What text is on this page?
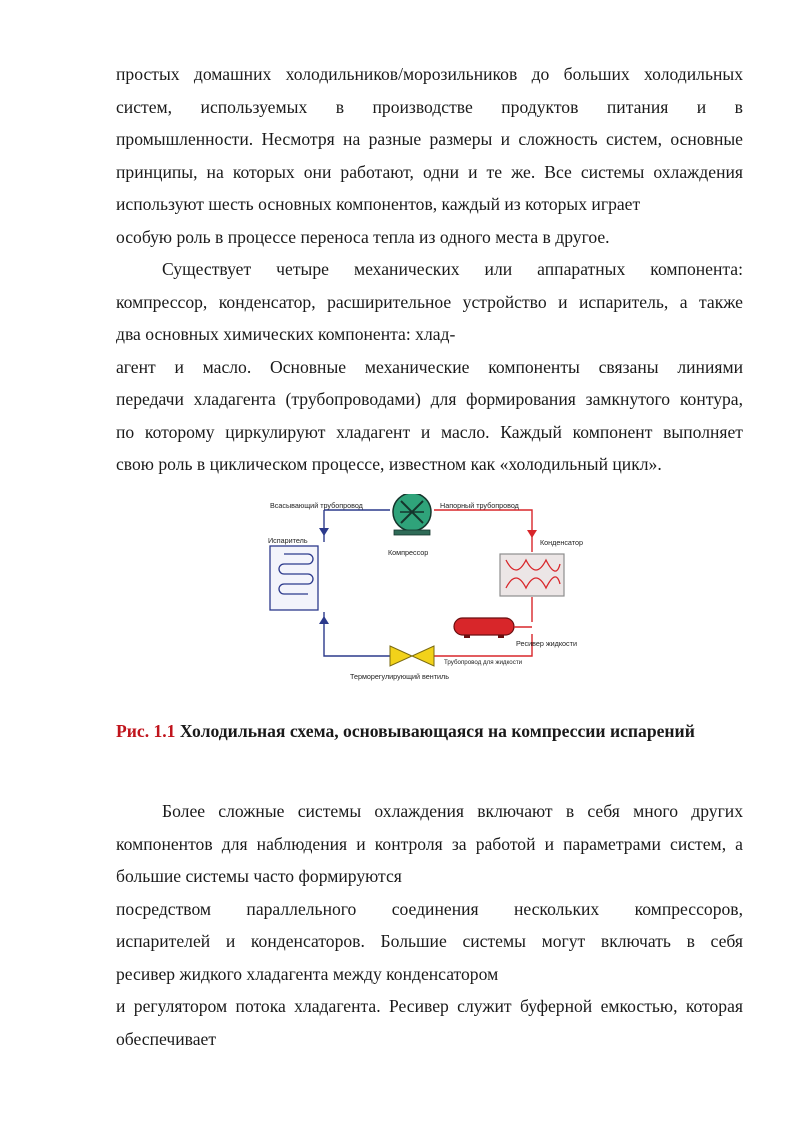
простых домашних холодильников/морозильников до больших холодильных
систем, используемых в производстве продуктов питания и в
промышленности. Несмотря на разные размеры и сложность систем, основные
принципы, на которых они работают, одни и те же. Все системы охлаждения
используют шесть основных компонентов, каждый из которых играет
особую роль в процессе переноса тепла из одного места в другое.
Существует четыре механических или аппаратных компонента:
компрессор, конденсатор, расширительное устройство и испаритель, а также
два основных химических компонента: хлад-
агент и масло. Основные механические компоненты связаны линиями
передачи хладагента (трубопроводами) для формирования замкнутого контура,
по которому циркулируют хладагент и масло. Каждый компонент выполняет
свою роль в циклическом процессе, известном как «холодильный цикл».
Всасывающий трубопровод	Напорный трубопровод
Испаритель
Компрессор
Конденсатор
Ресивер жидкости
Трубопровод для жидкости
Терморегулирующий вентиль
Рис. 1.1 Холодильная схема, основывающаяся на компрессии испарений
Более сложные системы охлаждения включают в себя много других
компонентов для наблюдения и контроля за работой и параметрами систем, а
большие системы часто формируются
посредством параллельного соединения нескольких компрессоров,
испарителей и конденсаторов. Большие системы могут включать в себя
ресивер жидкого хладагента между конденсатором
и регулятором потока хладагента. Ресивер служит буферной емкостью, которая
обеспечивает
